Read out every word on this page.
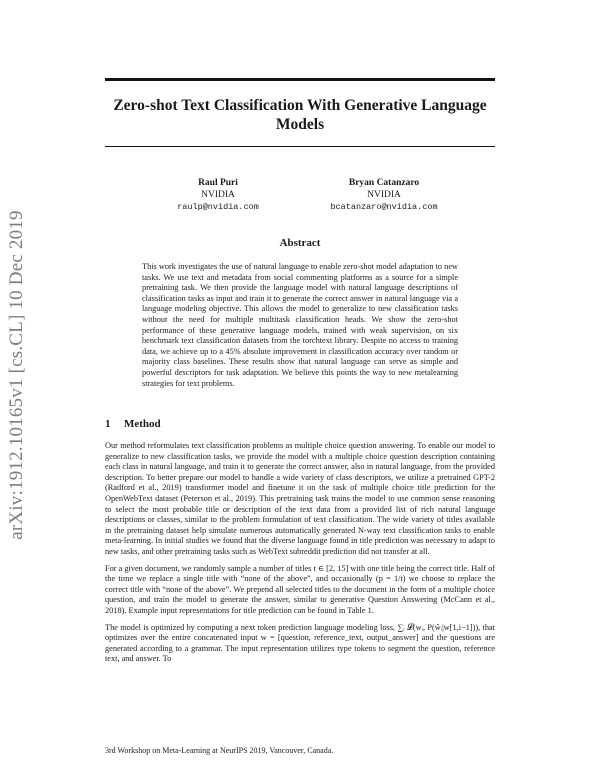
arXiv:1912.10165v1 [cs.CL] 10 Dec 2019
Zero-shot Text Classification With Generative Language Models
Raul Puri
NVIDIA
raulp@nvidia.com
Bryan Catanzaro
NVIDIA
bcatanzaro@nvidia.com
Abstract
This work investigates the use of natural language to enable zero-shot model adaptation to new tasks. We use text and metadata from social commenting platforms as a source for a simple pretraining task. We then provide the language model with natural language descriptions of classification tasks as input and train it to generate the correct answer in natural language via a language modeling objective. This allows the model to generalize to new classification tasks without the need for multiple multitask classification heads. We show the zero-shot performance of these generative language models, trained with weak supervision, on six benchmark text classification datasets from the torchtext library. Despite no access to training data, we achieve up to a 45% absolute improvement in classification accuracy over random or majority class baselines. These results show that natural language can serve as simple and powerful descriptors for task adaptation. We believe this points the way to new metalearning strategies for text problems.
1 Method

Our method reformulates text classification problems as multiple choice question answering. To enable our model to generalize to new classification tasks, we provide the model with a multiple choice question description containing each class in natural language, and train it to generate the correct answer, also in natural language, from the provided description. To better prepare our model to handle a wide variety of class descriptors, we utilize a pretrained GPT-2 (Radford et al., 2019) transformer model and finetune it on the task of multiple choice title prediction for the OpenWebText dataset (Peterson et al., 2019). This pretraining task trains the model to use common sense reasoning to select the most probable title or description of the text data from a provided list of rich natural language descriptions or classes, similar to the problem formulation of text classification. The wide variety of titles available in the pretraining dataset help simulate numerous automatically generated N-way text classification tasks to enable meta-learning. In initial studies we found that the diverse language found in title prediction was necessary to adapt to new tasks, and other pretraining tasks such as WebText subreddit prediction did not transfer at all.

For a given document, we randomly sample a number of titles t ∈ [2, 15] with one title being the correct title. Half of the time we replace a single title with “none of the above”, and occasionally (p = 1/t) we choose to replace the correct title with “none of the above”. We prepend all selected titles to the document in the form of a multiple choice question, and train the model to generate the answer, similar to generative Question Answering (McCann et al., 2018). Example input representations for title prediction can be found in Table 1.

The model is optimized by computing a next token prediction language modeling loss, ∑ᵢ 𝓛(wᵢ, P(ŵᵢ|w[1,i−1])), that optimizes over the entire concatenated input w = [question, reference_text, output_answer] and the questions are generated according to a grammar. The input representation utilizes type tokens to segment the question, reference text, and answer. To

3rd Workshop on Meta-Learning at NeurIPS 2019, Vancouver, Canada.
